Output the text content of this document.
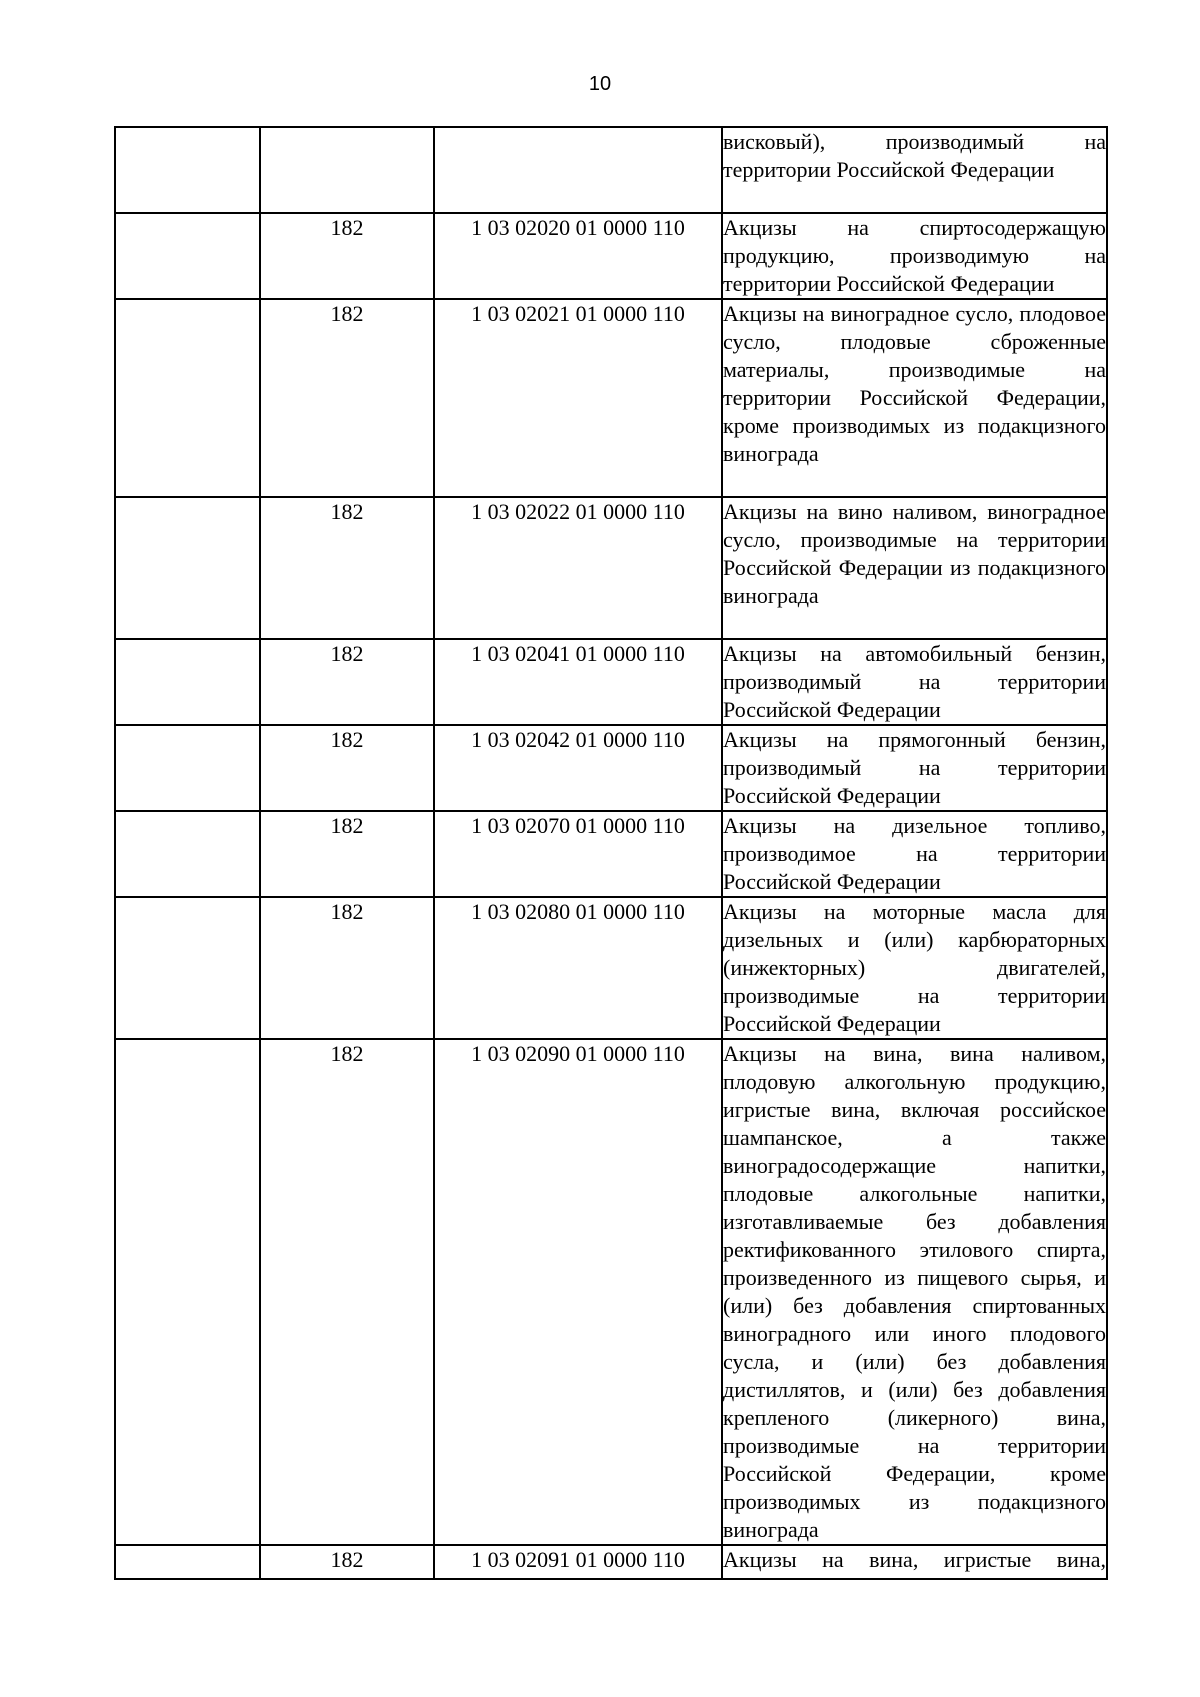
10

			висковый), производимый на территории Российской Федерации

	182	1 03 02020 01 0000 110	Акцизы на спиртосодержащую продукцию, производимую на территории Российской Федерации

	182	1 03 02021 01 0000 110	Акцизы на виноградное сусло, плодовое сусло, плодовые сброженные материалы, производимые на территории Российской Федерации, кроме производимых из подакцизного винограда

	182	1 03 02022 01 0000 110	Акцизы на вино наливом, виноградное сусло, производимые на территории Российской Федерации из подакцизного винограда

	182	1 03 02041 01 0000 110	Акцизы на автомобильный бензин, производимый на территории Российской Федерации

	182	1 03 02042 01 0000 110	Акцизы на прямогонный бензин, производимый на территории Российской Федерации

	182	1 03 02070 01 0000 110	Акцизы на дизельное топливо, производимое на территории Российской Федерации

	182	1 03 02080 01 0000 110	Акцизы на моторные масла для дизельных и (или) карбюраторных (инжекторных) двигателей, производимые на территории Российской Федерации

	182	1 03 02090 01 0000 110	Акцизы на вина, вина наливом, плодовую алкогольную продукцию, игристые вина, включая российское шампанское, а также виноградосодержащие напитки, плодовые алкогольные напитки, изготавливаемые без добавления ректификованного этилового спирта, произведенного из пищевого сырья, и (или) без добавления спиртованных виноградного или иного плодового сусла, и (или) без добавления дистиллятов, и (или) без добавления крепленого (ликерного) вина, производимые на территории Российской Федерации, кроме производимых из подакцизного винограда

	182	1 03 02091 01 0000 110	Акцизы на вина, игристые вина,
